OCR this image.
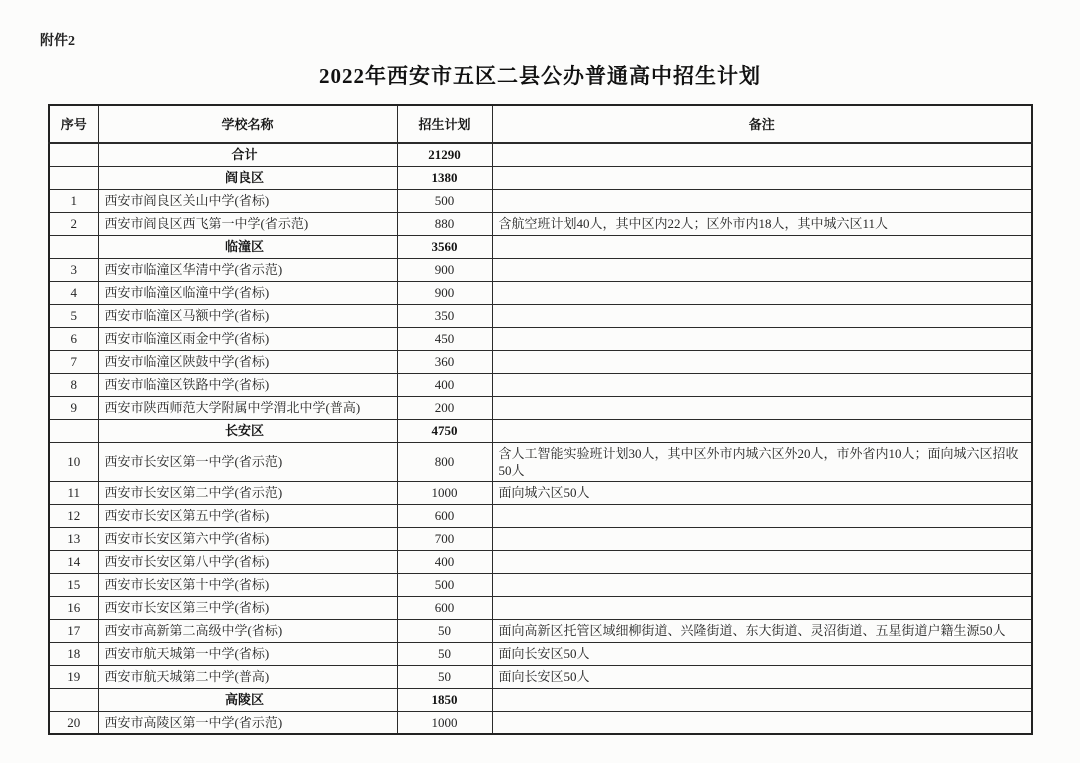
附件2
2022年西安市五区二县公办普通高中招生计划
序号	学校名称	招生计划	备注
	合计	21290	
	阎良区	1380	
1	西安市阎良区关山中学(省标)	500	
2	西安市阎良区西飞第一中学(省示范)	880	含航空班计划40人，其中区内22人；区外市内18人，其中城六区11人
	临潼区	3560	
3	西安市临潼区华清中学(省示范)	900	
4	西安市临潼区临潼中学(省标)	900	
5	西安市临潼区马额中学(省标)	350	
6	西安市临潼区雨金中学(省标)	450	
7	西安市临潼区陕鼓中学(省标)	360	
8	西安市临潼区铁路中学(省标)	400	
9	西安市陕西师范大学附属中学渭北中学(普高)	200	
	长安区	4750	
10	西安市长安区第一中学(省示范)	800	含人工智能实验班计划30人，其中区外市内城六区外20人，市外省内10人；面向城六区招收50人
11	西安市长安区第二中学(省示范)	1000	面向城六区50人
12	西安市长安区第五中学(省标)	600	
13	西安市长安区第六中学(省标)	700	
14	西安市长安区第八中学(省标)	400	
15	西安市长安区第十中学(省标)	500	
16	西安市长安区第三中学(省标)	600	
17	西安市高新第二高级中学(省标)	50	面向高新区托管区域细柳街道、兴隆街道、东大街道、灵沼街道、五星街道户籍生源50人
18	西安市航天城第一中学(省标)	50	面向长安区50人
19	西安市航天城第二中学(普高)	50	面向长安区50人
	高陵区	1850	
20	西安市高陵区第一中学(省示范)	1000	
